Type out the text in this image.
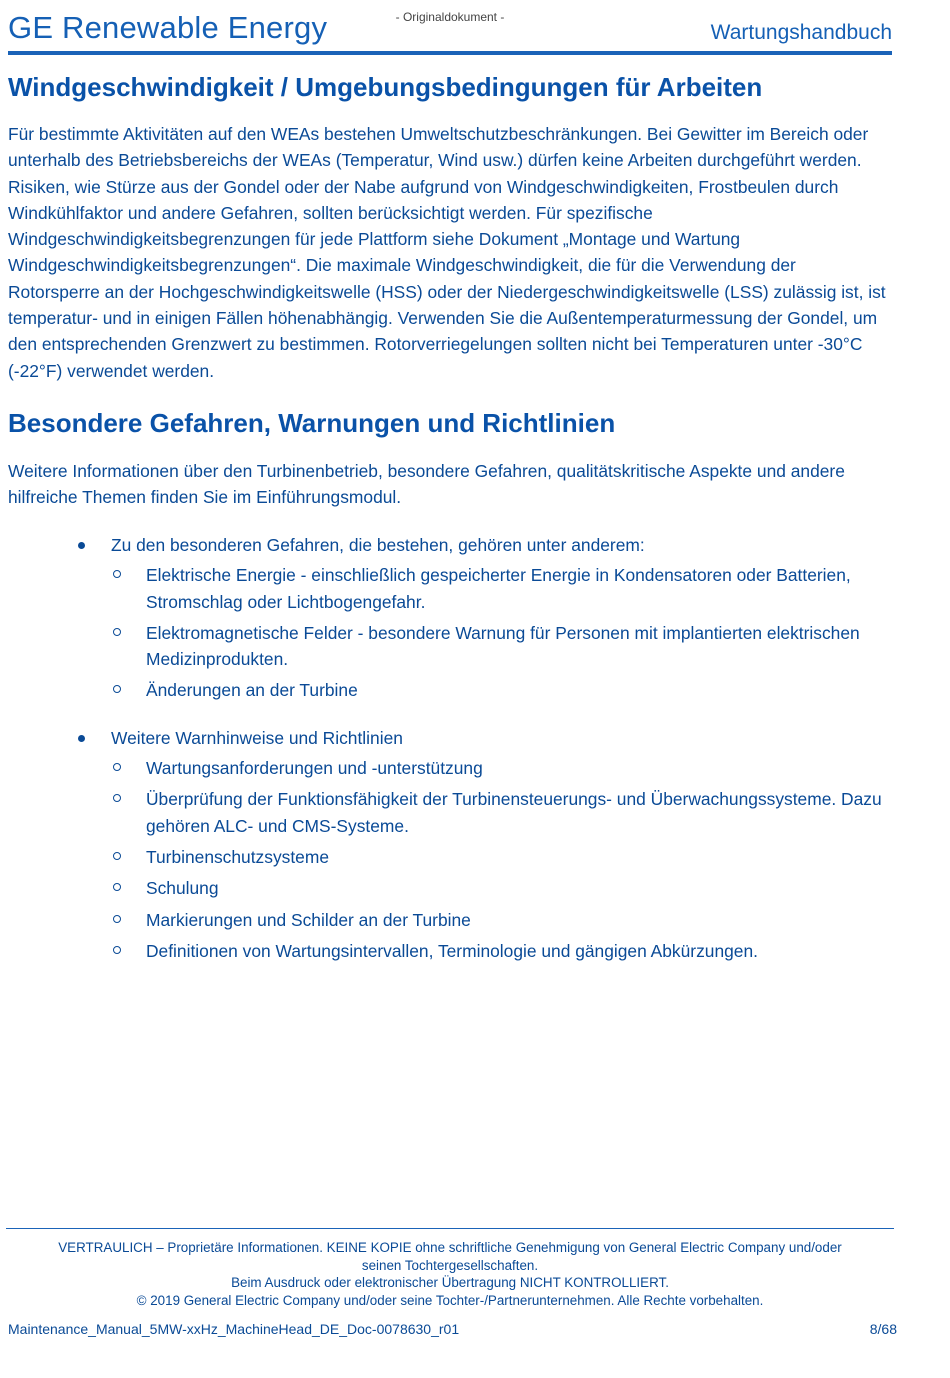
GE Renewable Energy	- Originaldokument -
Wartungshandbuch
Windgeschwindigkeit / Umgebungsbedingungen für Arbeiten

Für bestimmte Aktivitäten auf den WEAs bestehen Umweltschutzbeschränkungen. Bei Gewitter im Bereich oder unterhalb des Betriebsbereichs der WEAs (Temperatur, Wind usw.) dürfen keine Arbeiten durchgeführt werden. Risiken, wie Stürze aus der Gondel oder der Nabe aufgrund von Windgeschwindigkeiten, Frostbeulen durch Windkühlfaktor und andere Gefahren, sollten berücksichtigt werden. Für spezifische Windgeschwindigkeitsbegrenzungen für jede Plattform siehe Dokument „Montage und Wartung Windgeschwindigkeitsbegrenzungen“. Die maximale Windgeschwindigkeit, die für die Verwendung der Rotorsperre an der Hochgeschwindigkeitswelle (HSS) oder der Niedergeschwindigkeitswelle (LSS) zulässig ist, ist temperatur- und in einigen Fällen höhenabhängig. Verwenden Sie die Außentemperaturmessung der Gondel, um den entsprechenden Grenzwert zu bestimmen. Rotorverriegelungen sollten nicht bei Temperaturen unter -30°C (-22°F) verwendet werden.

Besondere Gefahren, Warnungen und Richtlinien

Weitere Informationen über den Turbinenbetrieb, besondere Gefahren, qualitätskritische Aspekte und andere hilfreiche Themen finden Sie im Einführungsmodul.

Zu den besonderen Gefahren, die bestehen, gehören unter anderem:
Elektrische Energie - einschließlich gespeicherter Energie in Kondensatoren oder Batterien, Stromschlag oder Lichtbogengefahr.
Elektromagnetische Felder - besondere Warnung für Personen mit implantierten elektrischen Medizinprodukten.
Änderungen an der Turbine
Weitere Warnhinweise und Richtlinien
Wartungsanforderungen und -unterstützung
Überprüfung der Funktionsfähigkeit der Turbinensteuerungs- und Überwachungssysteme. Dazu gehören ALC- und CMS-Systeme.
Turbinenschutzsysteme
Schulung
Markierungen und Schilder an der Turbine
Definitionen von Wartungsintervallen, Terminologie und gängigen Abkürzungen.
VERTRAULICH – Proprietäre Informationen. KEINE KOPIE ohne schriftliche Genehmigung von General Electric Company und/oder
seinen Tochtergesellschaften.
Beim Ausdruck oder elektronischer Übertragung NICHT KONTROLLIERT.
© 2019 General Electric Company und/oder seine Tochter-/Partnerunternehmen. Alle Rechte vorbehalten.
Maintenance_Manual_5MW-xxHz_MachineHead_DE_Doc-0078630_r01	8/68
